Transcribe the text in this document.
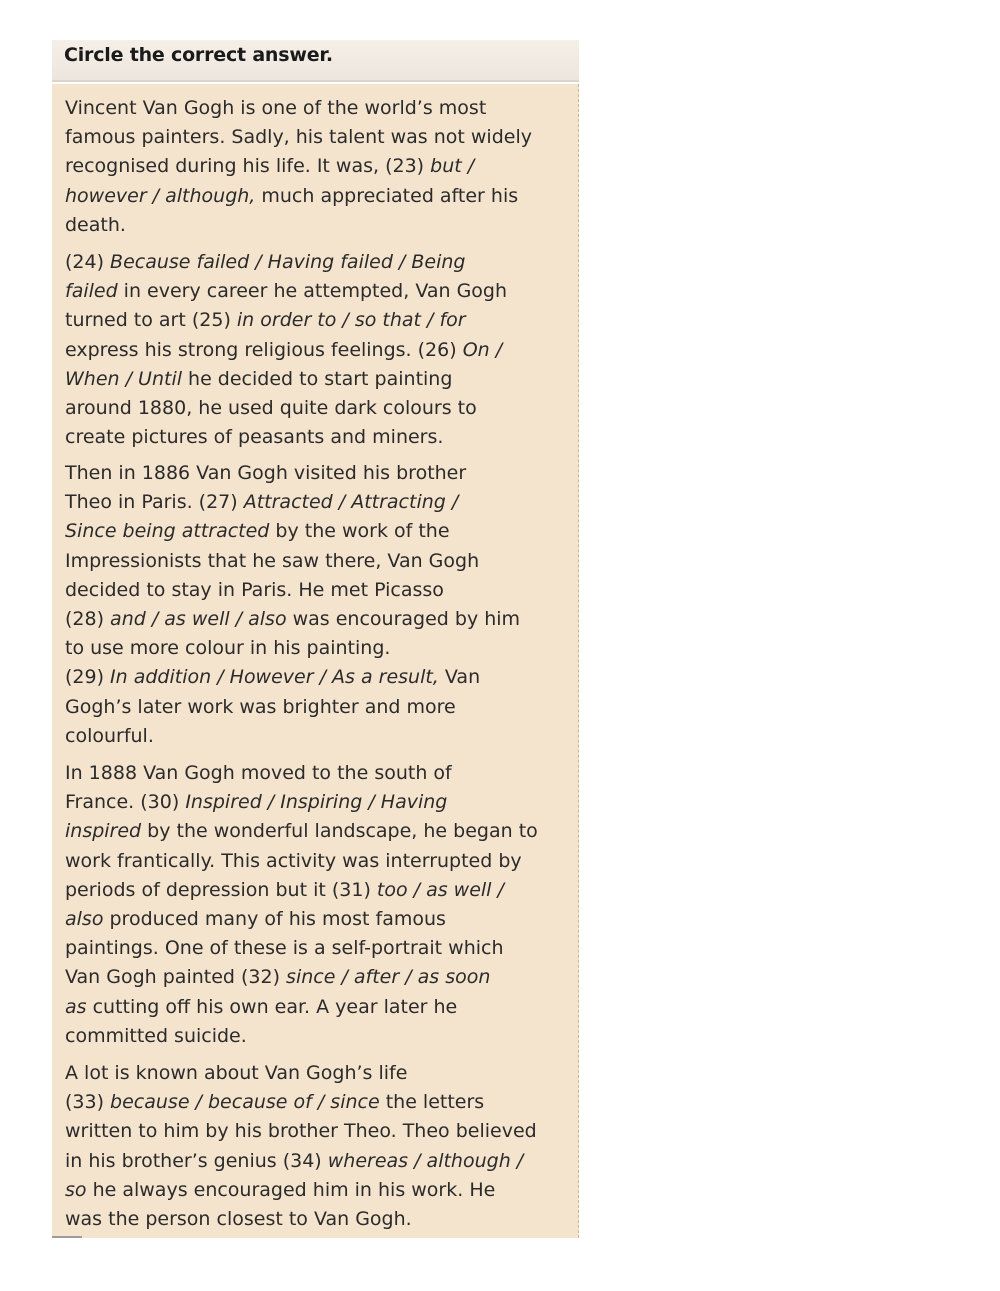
Circle the correct answer.

Vincent Van Gogh is one of the world’s most
famous painters. Sadly, his talent was not widely
recognised during his life. It was, (23) but /
however / although, much appreciated after his
death.

(24) Because failed / Having failed / Being
failed in every career he attempted, Van Gogh
turned to art (25) in order to / so that / for
express his strong religious feelings. (26) On /
When / Until he decided to start painting
around 1880, he used quite dark colours to
create pictures of peasants and miners.

Then in 1886 Van Gogh visited his brother
Theo in Paris. (27) Attracted / Attracting /
Since being attracted by the work of the
Impressionists that he saw there, Van Gogh
decided to stay in Paris. He met Picasso
(28) and / as well / also was encouraged by him
to use more colour in his painting.
(29) In addition / However / As a result, Van
Gogh’s later work was brighter and more
colourful.

In 1888 Van Gogh moved to the south of
France. (30) Inspired / Inspiring / Having
inspired by the wonderful landscape, he began to
work frantically. This activity was interrupted by
periods of depression but it (31) too / as well /
also produced many of his most famous
paintings. One of these is a self-portrait which
Van Gogh painted (32) since / after / as soon
as cutting off his own ear. A year later he
committed suicide.

A lot is known about Van Gogh’s life
(33) because / because of / since the letters
written to him by his brother Theo. Theo believed
in his brother’s genius (34) whereas / although /
so he always encouraged him in his work. He
was the person closest to Van Gogh.
